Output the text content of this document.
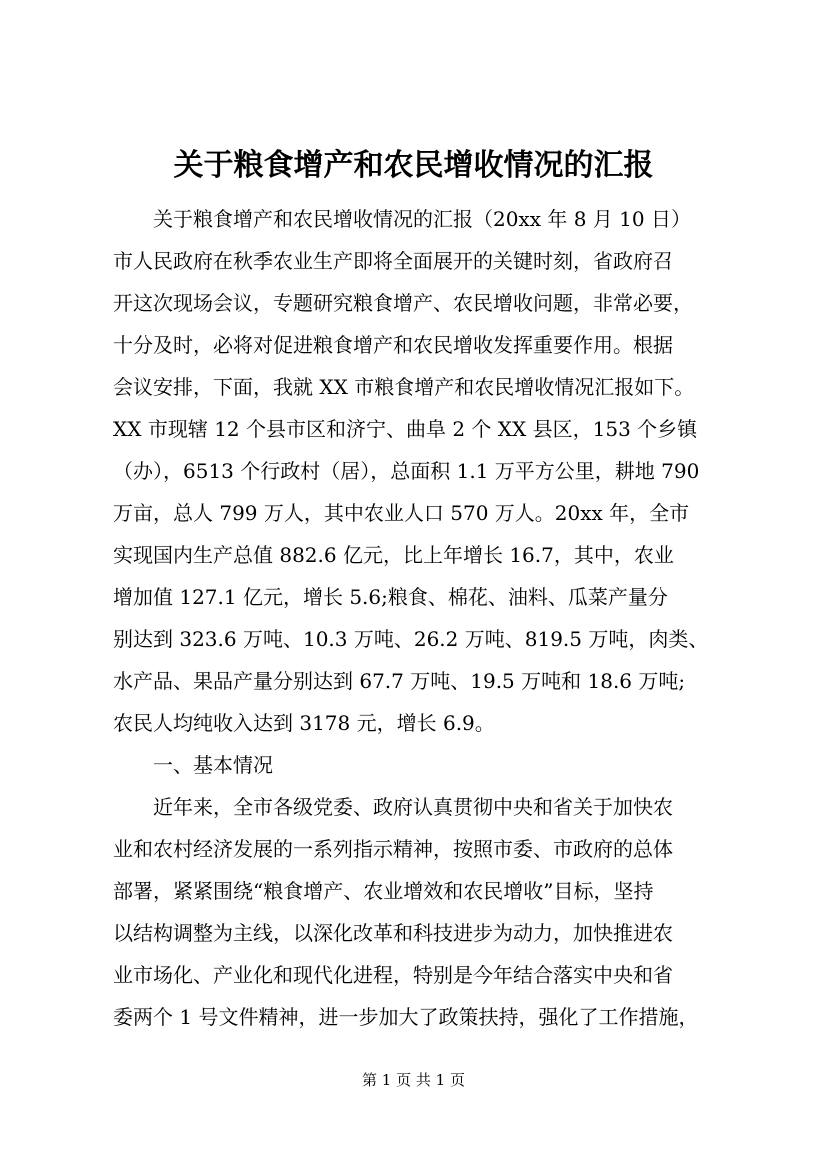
关于粮食增产和农民增收情况的汇报
关于粮食增产和农民增收情况的汇报（20xx 年 8 月 10 日）
市人民政府在秋季农业生产即将全面展开的关键时刻，省政府召
开这次现场会议，专题研究粮食增产、农民增收问题，非常必要，
十分及时，必将对促进粮食增产和农民增收发挥重要作用。根据
会议安排，下面，我就 XX 市粮食增产和农民增收情况汇报如下。
XX 市现辖 12 个县市区和济宁、曲阜 2 个 XX 县区，153 个乡镇
（办），6513 个行政村（居），总面积 1.1 万平方公里，耕地 790
万亩，总人 799 万人，其中农业人口 570 万人。20xx 年，全市
实现国内生产总值 882.6 亿元，比上年增长 16.7，其中，农业
增加值 127.1 亿元，增长 5.6;粮食、棉花、油料、瓜菜产量分
别达到 323.6 万吨、10.3 万吨、26.2 万吨、819.5 万吨，肉类、
水产品、果品产量分别达到 67.7 万吨、19.5 万吨和 18.6 万吨;
农民人均纯收入达到 3178 元，增长 6.9。
一、基本情况
近年来，全市各级党委、政府认真贯彻中央和省关于加快农
业和农村经济发展的一系列指示精神，按照市委、市政府的总体
部署，紧紧围绕“粮食增产、农业增效和农民增收”目标，坚持
以结构调整为主线，以深化改革和科技进步为动力，加快推进农
业市场化、产业化和现代化进程，特别是今年结合落实中央和省
委两个 1 号文件精神，进一步加大了政策扶持，强化了工作措施，
第 1 页 共 1 页
